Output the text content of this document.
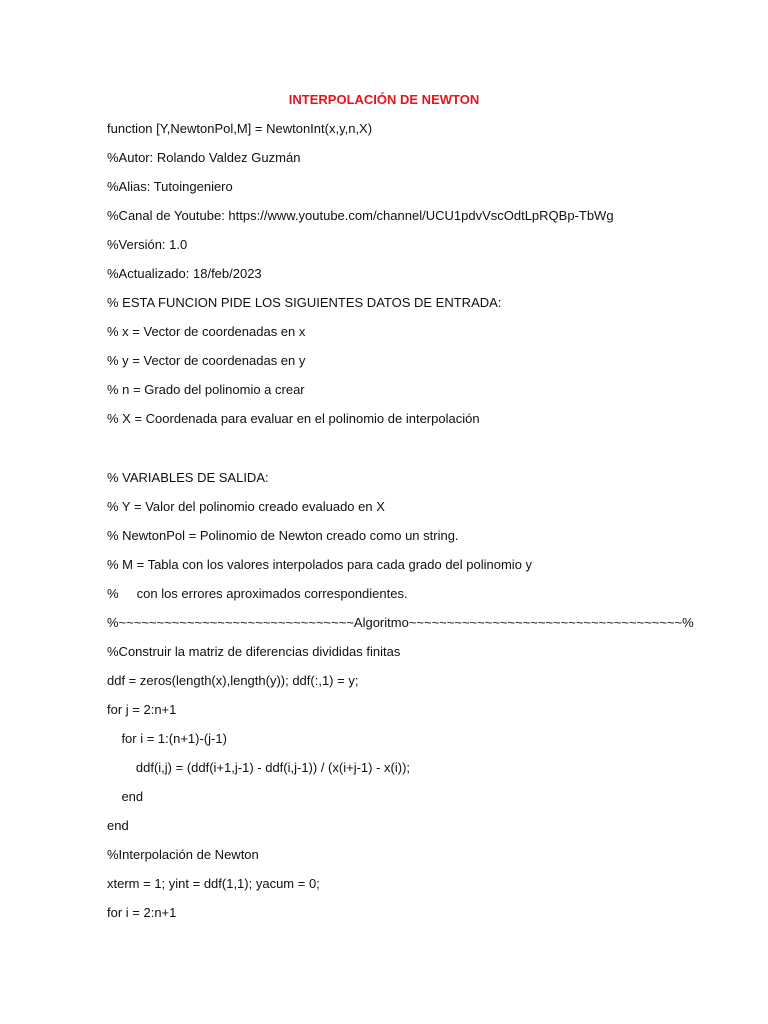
INTERPOLACIÓN DE NEWTON
function [Y,NewtonPol,M] = NewtonInt(x,y,n,X)
%Autor: Rolando Valdez Guzmán
%Alias: Tutoingeniero
%Canal de Youtube: https://www.youtube.com/channel/UCU1pdvVscOdtLpRQBp-TbWg
%Versión: 1.0
%Actualizado: 18/feb/2023
% ESTA FUNCION PIDE LOS SIGUIENTES DATOS DE ENTRADA:
% x = Vector de coordenadas en x
% y = Vector de coordenadas en y
% n = Grado del polinomio a crear
% X = Coordenada para evaluar en el polinomio de interpolación
% VARIABLES DE SALIDA:
% Y = Valor del polinomio creado evaluado en X
% NewtonPol = Polinomio de Newton creado como un string.
% M = Tabla con los valores interpolados para cada grado del polinomio y
%     con los errores aproximados correspondientes.
%~~~~~~~~~~~~~~~~~~~~~~~~~~~~~~~Algoritmo~~~~~~~~~~~~~~~~~~~~~~~~~~~~~~~~~~~~%
%Construir la matriz de diferencias divididas finitas
ddf = zeros(length(x),length(y)); ddf(:,1) = y;
for j = 2:n+1
for i = 1:(n+1)-(j-1)
ddf(i,j) = (ddf(i+1,j-1) - ddf(i,j-1)) / (x(i+j-1) - x(i));
end
end
%Interpolación de Newton
xterm = 1; yint = ddf(1,1); yacum = 0;
for i = 2:n+1
